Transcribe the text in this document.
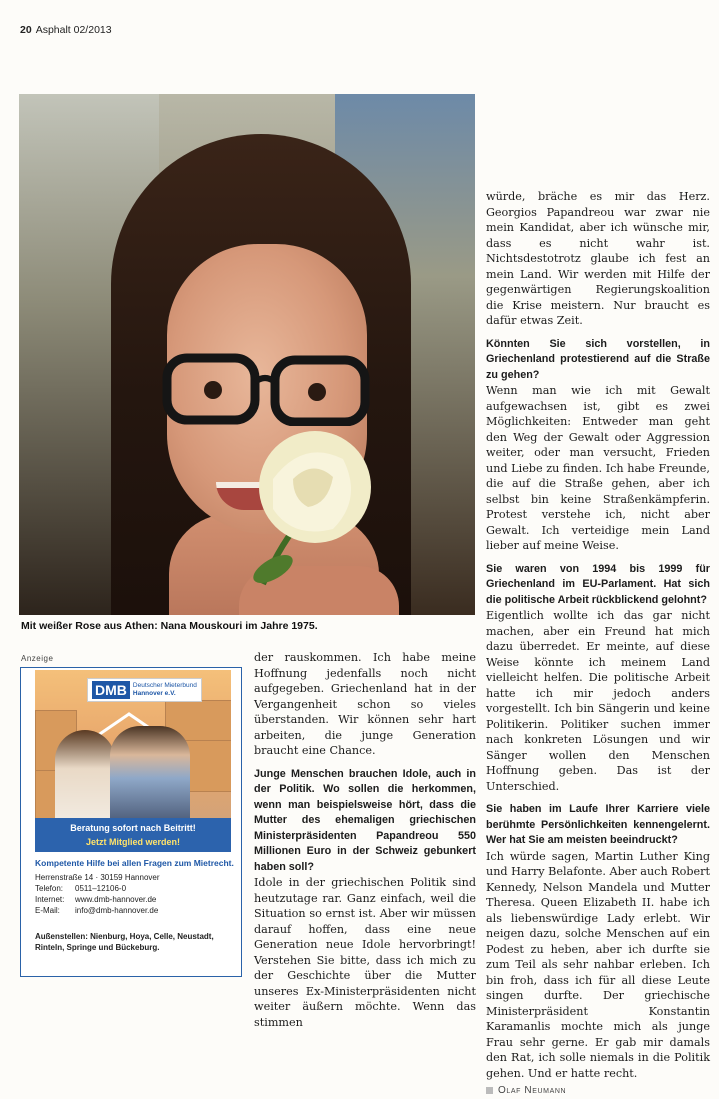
20 Asphalt 02/2013
Mit weißer Rose aus Athen: Nana Mouskouri im Jahre 1975.
Anzeige
DMB Deutscher Mieterbund
Hannover e.V.
Beratung sofort nach Beitritt!
Jetzt Mitglied werden!
Kompetente Hilfe bei allen Fragen zum Mietrecht.
Herrenstraße 14 · 30159 Hannover
Telefon:	0511–12106-0
Internet:	www.dmb-hannover.de
E-Mail:	info@dmb-hannover.de
Außenstellen: Nienburg, Hoya, Celle, Neustadt, Rinteln, Springe und Bückeburg.

der rauskommen. Ich habe meine Hoffnung jedenfalls noch nicht aufgegeben. Griechenland hat in der Vergangenheit schon so vieles überstanden. Wir können sehr hart arbeiten, die junge Generation braucht eine Chance.

Junge Menschen brauchen Idole, auch in der Politik. Wo sollen die herkommen, wenn man beispielsweise hört, dass die Mutter des ehemaligen griechischen Ministerpräsidenten Papandreou 550 Millionen Euro in der Schweiz gebunkert haben soll?

Idole in der griechischen Politik sind heutzutage rar. Ganz einfach, weil die Situation so ernst ist. Aber wir müssen darauf hoffen, dass eine neue Generation neue Idole hervorbringt! Verstehen Sie bitte, dass ich mich zu der Geschichte über die Mutter unseres Ex-Ministerpräsidenten nicht weiter äußern möchte. Wenn das stimmen

würde, bräche es mir das Herz. Georgios Papandreou war zwar nie mein Kandidat, aber ich wünsche mir, dass es nicht wahr ist. Nichtsdestotrotz glaube ich fest an mein Land. Wir werden mit Hilfe der gegenwärtigen Regierungskoalition die Krise meistern. Nur braucht es dafür etwas Zeit.

Könnten Sie sich vorstellen, in Griechenland protestierend auf die Straße zu gehen?

Wenn man wie ich mit Gewalt aufgewachsen ist, gibt es zwei Möglichkeiten: Entweder man geht den Weg der Gewalt oder Aggression weiter, oder man versucht, Frieden und Liebe zu finden. Ich habe Freunde, die auf die Straße gehen, aber ich selbst bin keine Straßenkämpferin. Protest verstehe ich, nicht aber Gewalt. Ich verteidige mein Land lieber auf meine Weise.

Sie waren von 1994 bis 1999 für Griechenland im EU-Parlament. Hat sich die politische Arbeit rückblickend gelohnt?

Eigentlich wollte ich das gar nicht machen, aber ein Freund hat mich dazu überredet. Er meinte, auf diese Weise könnte ich meinem Land vielleicht helfen. Die politische Arbeit hatte ich mir jedoch anders vorgestellt. Ich bin Sängerin und keine Politikerin. Politiker suchen immer nach konkreten Lösungen und wir Sänger wollen den Menschen Hoffnung geben. Das ist der Unterschied.

Sie haben im Laufe Ihrer Karriere viele berühmte Persönlichkeiten kennengelernt. Wer hat Sie am meisten beeindruckt?

Ich würde sagen, Martin Luther King und Harry Belafonte. Aber auch Robert Kennedy, Nelson Mandela und Mutter Theresa. Queen Elizabeth II. habe ich als liebenswürdige Lady erlebt. Wir neigen dazu, solche Menschen auf ein Podest zu heben, aber ich durfte sie zum Teil als sehr nahbar erleben. Ich bin froh, dass ich für all diese Leute singen durfte. Der griechische Ministerpräsident Konstantin Karamanlis mochte mich als junge Frau sehr gerne. Er gab mir damals den Rat, ich solle niemals in die Politik gehen. Und er hatte recht.

Olaf Neumann
